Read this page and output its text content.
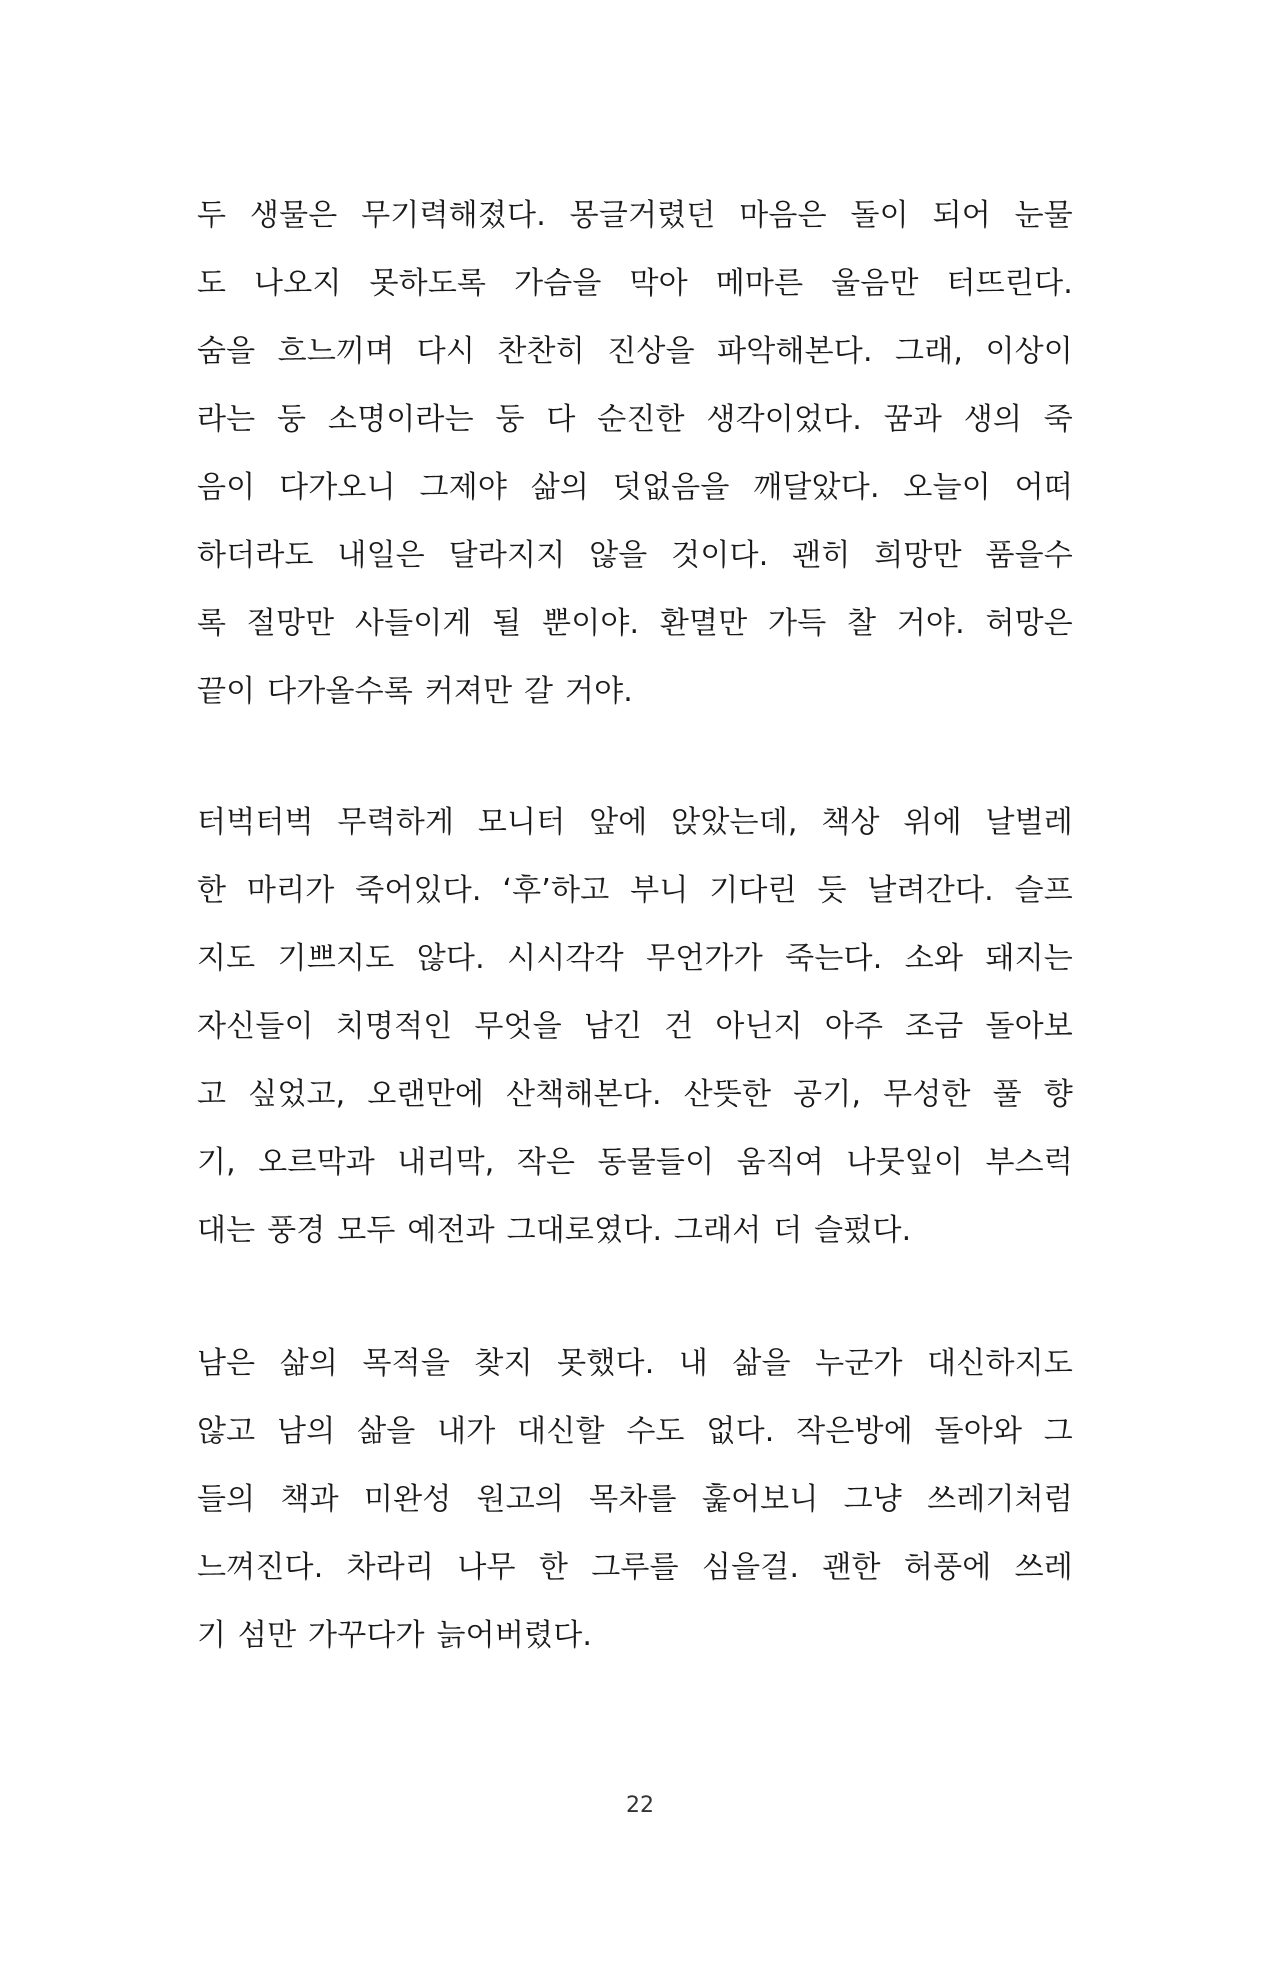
두 생물은 무기력해졌다. 몽글거렸던 마음은 돌이 되어 눈물
도 나오지 못하도록 가슴을 막아 메마른 울음만 터뜨린다.
숨을 흐느끼며 다시 찬찬히 진상을 파악해본다. 그래, 이상이
라는 둥 소명이라는 둥 다 순진한 생각이었다. 꿈과 생의 죽
음이 다가오니 그제야 삶의 덧없음을 깨달았다. 오늘이 어떠
하더라도 내일은 달라지지 않을 것이다. 괜히 희망만 품을수
록 절망만 사들이게 될 뿐이야. 환멸만 가득 찰 거야. 허망은
끝이 다가올수록 커져만 갈 거야.
터벅터벅 무력하게 모니터 앞에 앉았는데, 책상 위에 날벌레
한 마리가 죽어있다. ‘후’하고 부니 기다린 듯 날려간다. 슬프
지도 기쁘지도 않다. 시시각각 무언가가 죽는다. 소와 돼지는
자신들이 치명적인 무엇을 남긴 건 아닌지 아주 조금 돌아보
고 싶었고, 오랜만에 산책해본다. 산뜻한 공기, 무성한 풀 향
기, 오르막과 내리막, 작은 동물들이 움직여 나뭇잎이 부스럭
대는 풍경 모두 예전과 그대로였다. 그래서 더 슬펐다.
남은 삶의 목적을 찾지 못했다. 내 삶을 누군가 대신하지도
않고 남의 삶을 내가 대신할 수도 없다. 작은방에 돌아와 그
들의 책과 미완성 원고의 목차를 훑어보니 그냥 쓰레기처럼
느껴진다. 차라리 나무 한 그루를 심을걸. 괜한 허풍에 쓰레
기 섬만 가꾸다가 늙어버렸다.
22
